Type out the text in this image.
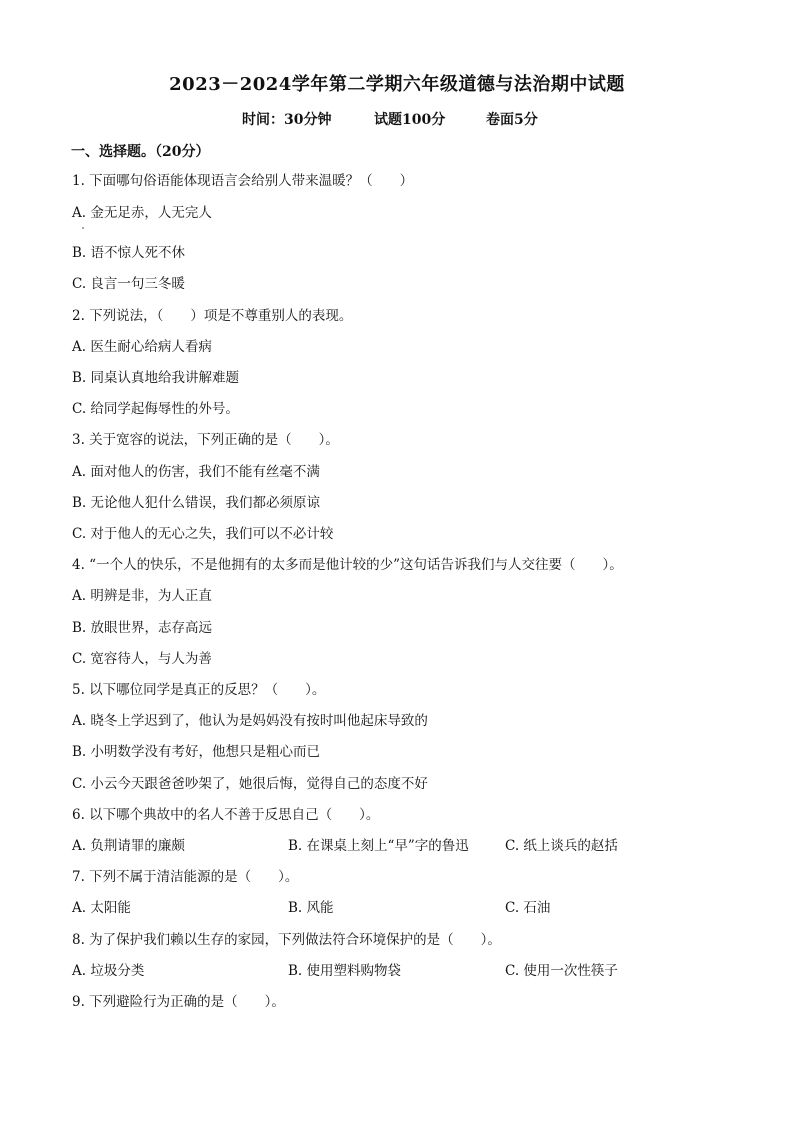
2023－2024学年第二学期六年级道德与法治期中试题
时间：30分钟	试题100分	卷面5分
一、选择题。（20分）
1. 下面哪句俗语能体现语言会给别人带来温暖？（　　）
A. 金无足赤，人无完人
B. 语不惊人死不休
C. 良言一句三冬暖
2. 下列说法，（　　）项是不尊重别人的表现。
A. 医生耐心给病人看病
B. 同桌认真地给我讲解难题
C. 给同学起侮辱性的外号。
3. 关于宽容的说法，下列正确的是（　　）。
A. 面对他人的伤害，我们不能有丝毫不满
B. 无论他人犯什么错误，我们都必须原谅
C. 对于他人的无心之失，我们可以不必计较
4. “一个人的快乐，不是他拥有的太多而是他计较的少”这句话告诉我们与人交往要（　　）。
A. 明辨是非，为人正直
B. 放眼世界，志存高远
C. 宽容待人，与人为善
5. 以下哪位同学是真正的反思？（　　）。
A. 晓冬上学迟到了，他认为是妈妈没有按时叫他起床导致的
B. 小明数学没有考好，他想只是粗心而已
C. 小云今天跟爸爸吵架了，她很后悔，觉得自己的态度不好
6. 以下哪个典故中的名人不善于反思自己（　　）。
A. 负荆请罪的廉颇	B. 在课桌上刻上“早”字的鲁迅	C. 纸上谈兵的赵括
7. 下列不属于清洁能源的是（　　）。
A. 太阳能	B. 风能	C. 石油
8. 为了保护我们赖以生存的家园，下列做法符合环境保护的是（　　）。
A. 垃圾分类	B. 使用塑料购物袋	C. 使用一次性筷子
9. 下列避险行为正确的是（　　）。
